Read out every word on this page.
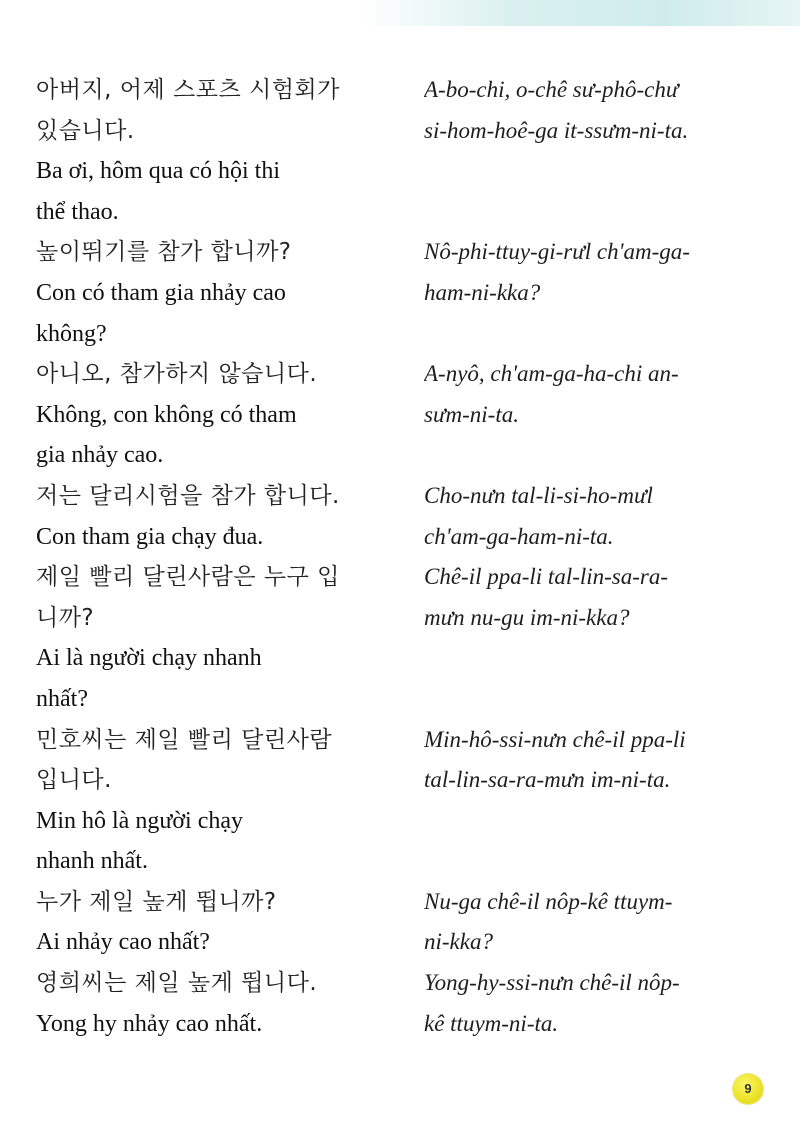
아버지, 어제 스포츠 시험회가
있습니다.
Ba ơi, hôm qua có hội thi
thể thao.
높이뛰기를 참가 합니까?
Con có tham gia nhảy cao
không?
아니오, 참가하지 않습니다.
Không, con không có tham
gia nhảy cao.
저는 달리시험을 참가 합니다.
Con tham gia chạy đua.
제일 빨리 달린사람은 누구 입
니까?
Ai là người chạy nhanh
nhất?
민호씨는 제일 빨리 달린사람
입니다.
Min hô là người chạy
nhanh nhất.
누가 제일 높게 뜁니까?
Ai nhảy cao nhất?
영희씨는 제일 높게 뜁니다.
Yong hy nhảy cao nhất.
A-bo-chi, o-chê sư-phô-chư
si-hom-hoê-ga it-ssưm-ni-ta.
Nô-phi-ttuy-gi-rưl ch'am-ga-
ham-ni-kka?
A-nyô, ch'am-ga-ha-chi an-
sưm-ni-ta.
Cho-nưn tal-li-si-ho-mưl
ch'am-ga-ham-ni-ta.
Chê-il ppa-li tal-lin-sa-ra-
mưn nu-gu im-ni-kka?
Min-hô-ssi-nưn chê-il ppa-li
tal-lin-sa-ra-mưn im-ni-ta.
Nu-ga chê-il nôp-kê ttuym-
ni-kka?
Yong-hy-ssi-nưn chê-il nôp-
kê ttuym-ni-ta.
9
